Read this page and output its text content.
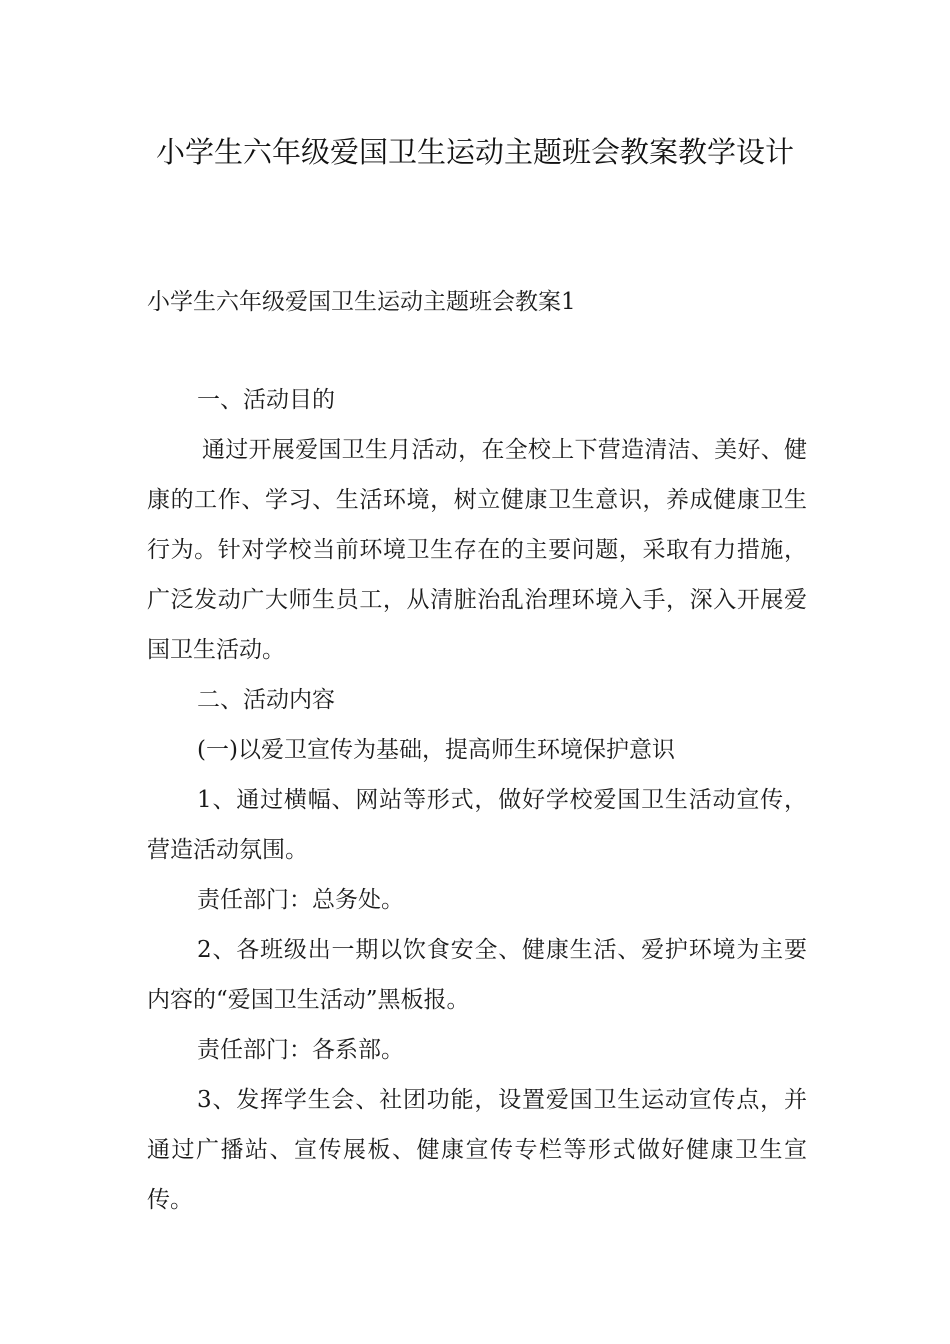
小学生六年级爱国卫生运动主题班会教案教学设计
小学生六年级爱国卫生运动主题班会教案1

一、活动目的

通过开展爱国卫生月活动，在全校上下营造清洁、美好、健康的工作、学习、生活环境，树立健康卫生意识，养成健康卫生行为。针对学校当前环境卫生存在的主要问题，采取有力措施，广泛发动广大师生员工，从清脏治乱治理环境入手，深入开展爱国卫生活动。

二、活动内容

(一)以爱卫宣传为基础，提高师生环境保护意识

1、通过横幅、网站等形式，做好学校爱国卫生活动宣传，营造活动氛围。

责任部门：总务处。

2、各班级出一期以饮食安全、健康生活、爱护环境为主要内容的“爱国卫生活动”黑板报。

责任部门：各系部。

3、发挥学生会、社团功能，设置爱国卫生运动宣传点，并通过广播站、宣传展板、健康宣传专栏等形式做好健康卫生宣传。
